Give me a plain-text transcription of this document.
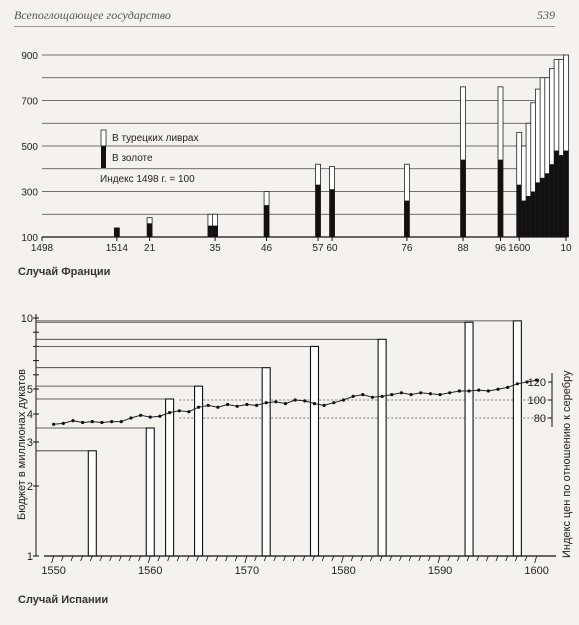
Всепоглощающее государство	539
100
300
500
700
900
1498	1514 21	35	46	57 60	76	88	96 1600	10
В турецких ливрах
В золоте
Индекс 1498 г. = 100
Случай Франции
1
2
3
4
5
10
1550	1560	1570	1580	1590	1600
80
100
120
Бюджет в миллионах дукатов	Индекс цен по отношению к серебру
Случай Испании
